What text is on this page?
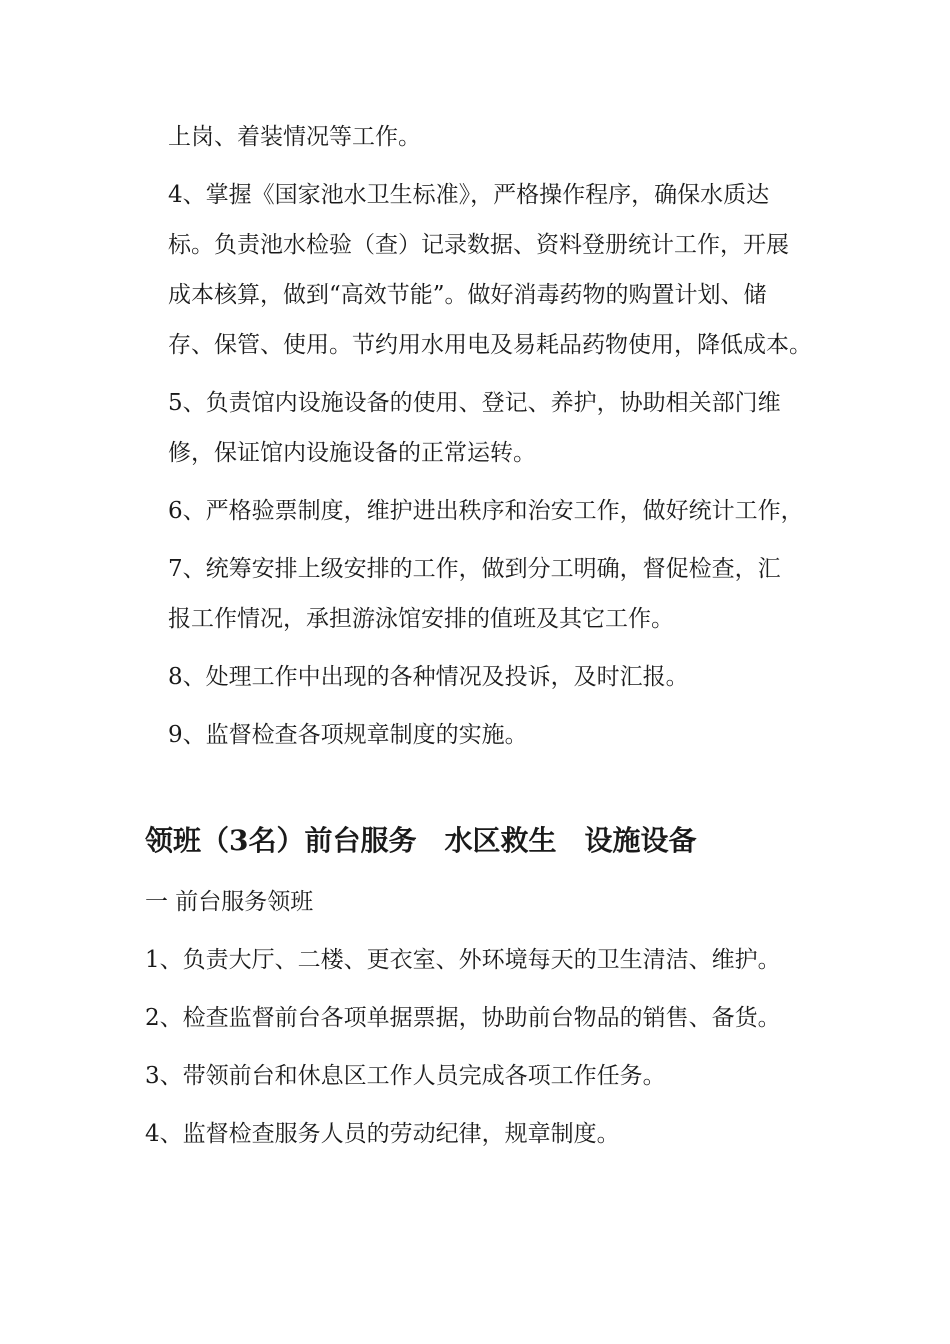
上岗、着装情况等工作。

4、掌握《国家池水卫生标准》，严格操作程序，确保水质达

标。负责池水检验（查）记录数据、资料登册统计工作，开展

成本核算，做到“高效节能”。做好消毒药物的购置计划、储

存、保管、使用。节约用水用电及易耗品药物使用，降低成本。

5、负责馆内设施设备的使用、登记、养护，协助相关部门维

修，保证馆内设施设备的正常运转。

6、严格验票制度，维护进出秩序和治安工作，做好统计工作，

7、统筹安排上级安排的工作，做到分工明确，督促检查，汇

报工作情况，承担游泳馆安排的值班及其它工作。

8、处理工作中出现的各种情况及投诉，及时汇报。

9、监督检查各项规章制度的实施。

领班（3名）前台服务　水区救生　设施设备

一 前台服务领班

1、负责大厅、二楼、更衣室、外环境每天的卫生清洁、维护。

2、检查监督前台各项单据票据，协助前台物品的销售、备货。

3、带领前台和休息区工作人员完成各项工作任务。

4、监督检查服务人员的劳动纪律，规章制度。
